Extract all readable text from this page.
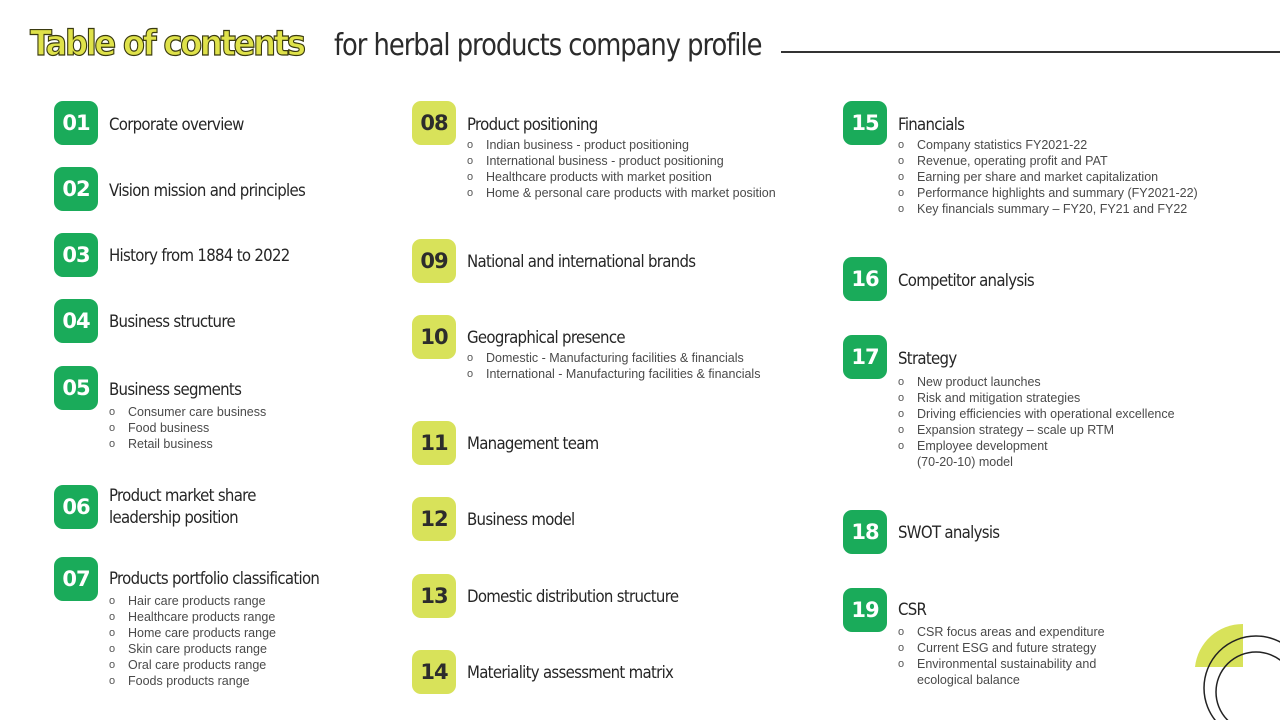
Table of contents for herbal products company profile
01	Corporate overview
02	Vision mission and principles
03	History from 1884 to 2022
04	Business structure
05	Business segments
o Consumer care business
o Food business
o Retail business
06	Product market share
leadership position
07	Products portfolio classification
o Hair care products range
o Healthcare products range
o Home care products range
o Skin care products range
o Oral care products range
o Foods products range
08	Product positioning
o Indian business - product positioning
o International business - product positioning
o Healthcare products with market position
o Home & personal care products with market position
09	National and international brands
10	Geographical presence
o Domestic - Manufacturing facilities & financials
o International - Manufacturing facilities & financials
11	Management team
12	Business model
13	Domestic distribution structure
14	Materiality assessment matrix
15	Financials
o Company statistics FY2021-22
o Revenue, operating profit and PAT
o Earning per share and market capitalization
o Performance highlights and summary (FY2021-22)
o Key financials summary – FY20, FY21 and FY22
16	Competitor analysis
17	Strategy
o New product launches
o Risk and mitigation strategies
o Driving efficiencies with operational excellence
o Expansion strategy – scale up RTM
o Employee development
(70-20-10) model
18	SWOT analysis
19	CSR
o CSR focus areas and expenditure
o Current ESG and future strategy
o Environmental sustainability and
ecological balance
